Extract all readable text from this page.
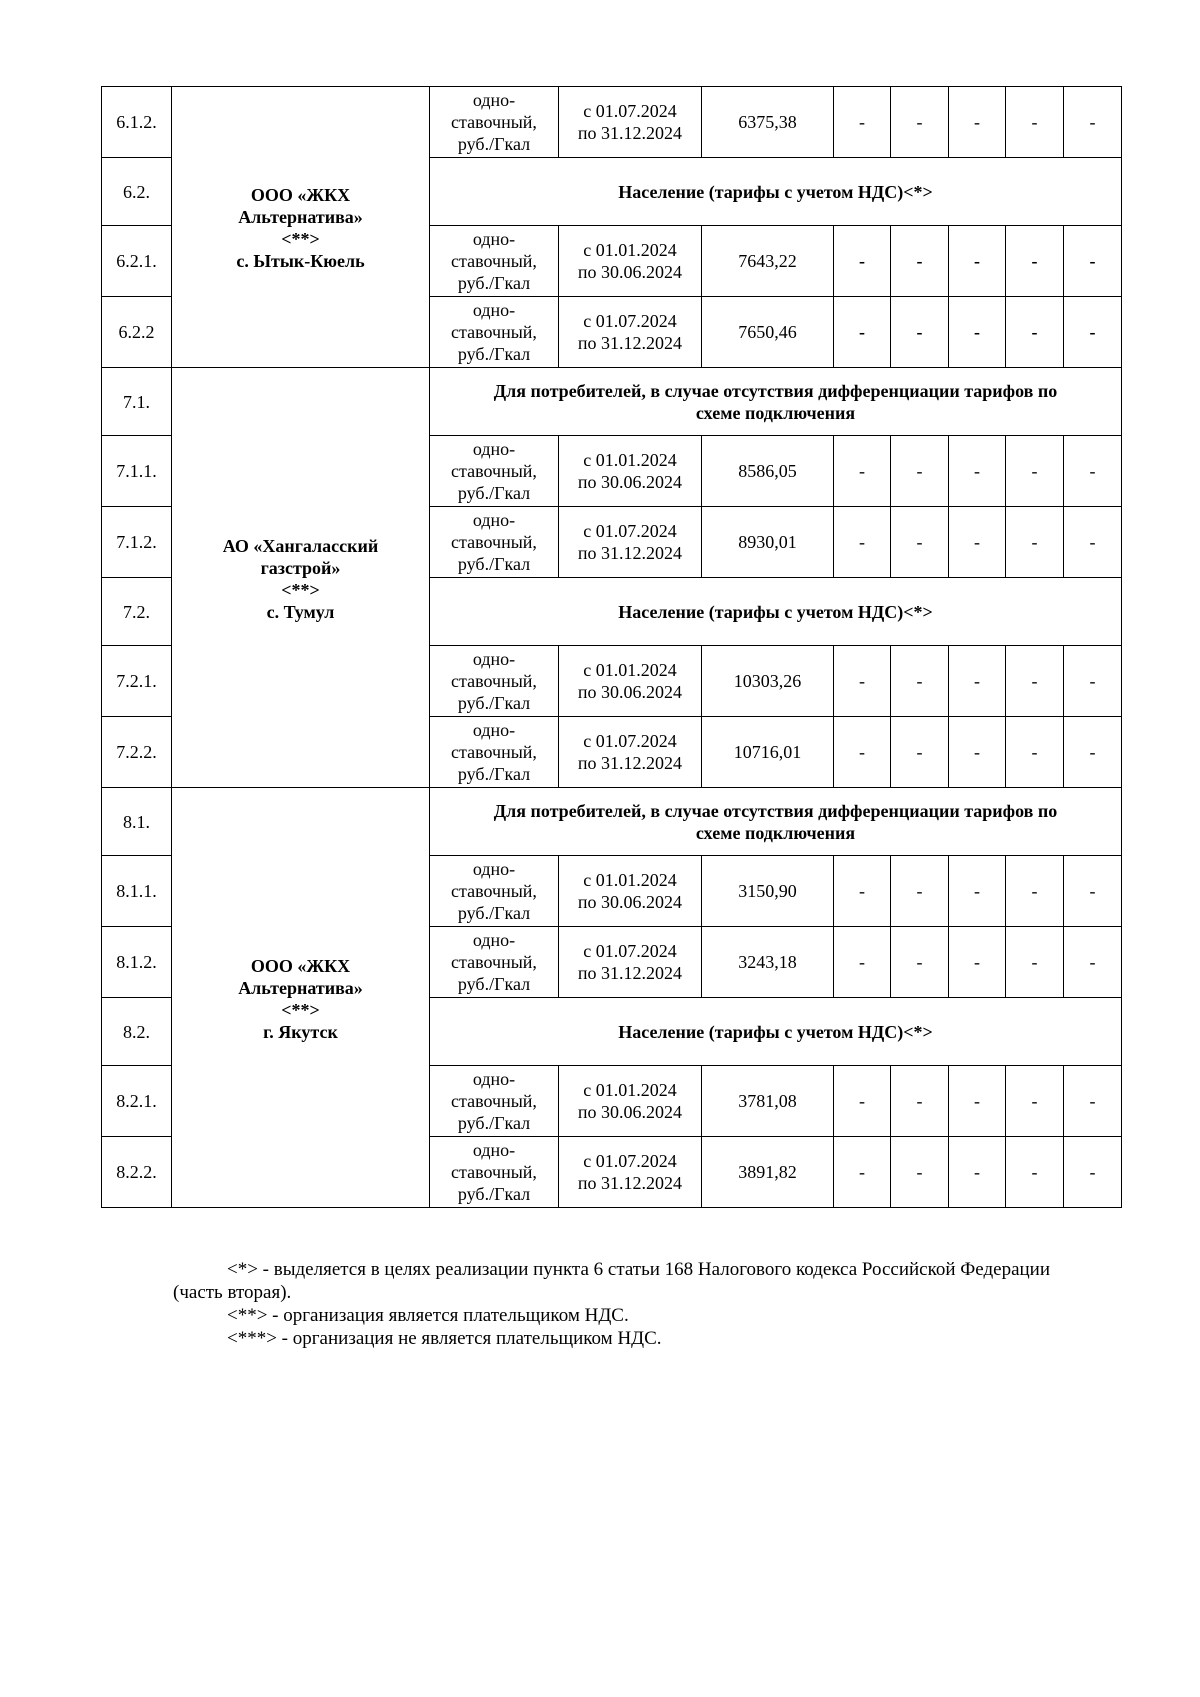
6.1.2.	ООО «ЖКХ
Альтернатива»
<**>
с. Ытык-Кюель	одно-
ставочный,
руб./Гкал	с 01.07.2024
по 31.12.2024	6375,38	-	-	-	-	-
6.2.		Население (тарифы с учетом НДС)<*>							

6.2.1.		одно-
ставочный,
руб./Гкал	с 01.01.2024
по 30.06.2024	7643,22	-	-	-	-	-
6.2.2		одно-
ставочный,
руб./Гкал	с 01.07.2024
по 31.12.2024	7650,46	-	-	-	-	-
7.1.	АО «Хангаласский
газстрой»
<**>
с. Тумул	Для потребителей, в случае отсутствия дифференциации тарифов по
схеме подключения							

7.1.1.		одно-
ставочный,
руб./Гкал	с 01.01.2024
по 30.06.2024	8586,05	-	-	-	-	-
7.1.2.		одно-
ставочный,
руб./Гкал	с 01.07.2024
по 31.12.2024	8930,01	-	-	-	-	-
7.2.		Население (тарифы с учетом НДС)<*>							

7.2.1.		одно-
ставочный,
руб./Гкал	с 01.01.2024
по 30.06.2024	10303,26	-	-	-	-	-
7.2.2.		одно-
ставочный,
руб./Гкал	с 01.07.2024
по 31.12.2024	10716,01	-	-	-	-	-
8.1.	ООО «ЖКХ
Альтернатива»
<**>
г. Якутск	Для потребителей, в случае отсутствия дифференциации тарифов по
схеме подключения							

8.1.1.		одно-
ставочный,
руб./Гкал	с 01.01.2024
по 30.06.2024	3150,90	-	-	-	-	-
8.1.2.		одно-
ставочный,
руб./Гкал	с 01.07.2024
по 31.12.2024	3243,18	-	-	-	-	-
8.2.		Население (тарифы с учетом НДС)<*>							

8.2.1.		одно-
ставочный,
руб./Гкал	с 01.01.2024
по 30.06.2024	3781,08	-	-	-	-	-
8.2.2.		одно-
ставочный,
руб./Гкал	с 01.07.2024
по 31.12.2024	3891,82	-	-	-	-	-

<*> - выделяется в целях реализации пункта 6 статьи 168 Налогового кодекса Российской Федерации

(часть вторая).

<**> - организация является плательщиком НДС.

<***> - организация не является плательщиком НДС.
